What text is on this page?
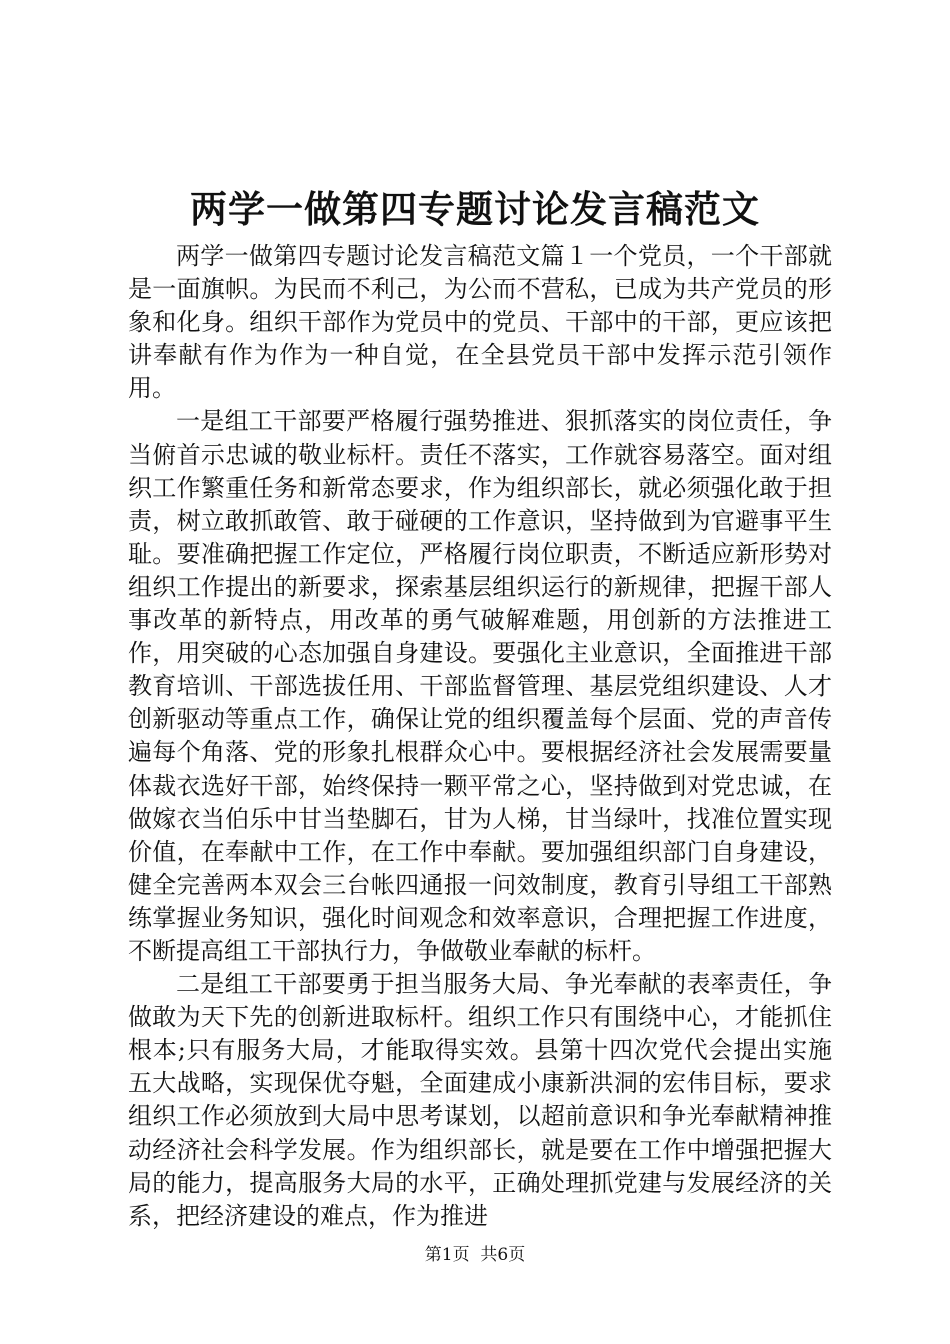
两学一做第四专题讨论发言稿范文

两学一做第四专题讨论发言稿范文篇１一个党员，一个干部就是一面旗帜。为民而不利己，为公而不营私，已成为共产党员的形象和化身。组织干部作为党员中的党员、干部中的干部，更应该把讲奉献有作为作为一种自觉，在全县党员干部中发挥示范引领作用。

一是组工干部要严格履行强势推进、狠抓落实的岗位责任，争当俯首示忠诚的敬业标杆。责任不落实，工作就容易落空。面对组织工作繁重任务和新常态要求，作为组织部长，就必须强化敢于担责，树立敢抓敢管、敢于碰硬的工作意识，坚持做到为官避事平生耻。要准确把握工作定位，严格履行岗位职责，不断适应新形势对组织工作提出的新要求，探索基层组织运行的新规律，把握干部人事改革的新特点，用改革的勇气破解难题，用创新的方法推进工作，用突破的心态加强自身建设。要强化主业意识，全面推进干部教育培训、干部选拔任用、干部监督管理、基层党组织建设、人才创新驱动等重点工作，确保让党的组织覆盖每个层面、党的声音传遍每个角落、党的形象扎根群众心中。要根据经济社会发展需要量体裁衣选好干部，始终保持一颗平常之心，坚持做到对党忠诚，在做嫁衣当伯乐中甘当垫脚石，甘为人梯，甘当绿叶，找准位置实现价值，在奉献中工作，在工作中奉献。要加强组织部门自身建设，健全完善两本双会三台帐四通报一问效制度，教育引导组工干部熟练掌握业务知识，强化时间观念和效率意识，合理把握工作进度，不断提高组工干部执行力，争做敬业奉献的标杆。

二是组工干部要勇于担当服务大局、争光奉献的表率责任，争做敢为天下先的创新进取标杆。组织工作只有围绕中心，才能抓住根本;只有服务大局，才能取得实效。县第十四次党代会提出实施五大战略，实现保优夺魁，全面建成小康新洪洞的宏伟目标，要求组织工作必须放到大局中思考谋划，以超前意识和争光奉献精神推动经济社会科学发展。作为组织部长，就是要在工作中增强把握大局的能力，提高服务大局的水平，正确处理抓党建与发展经济的关系，把经济建设的难点，作为推进

第1页 共6页
